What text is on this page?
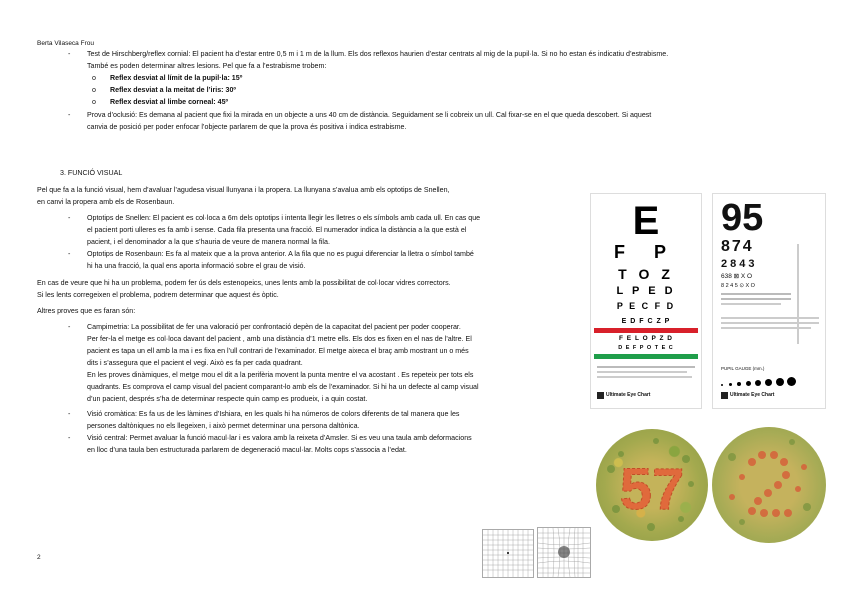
Berta Vilaseca Frou
- Test de Hirschberg/reflex cornial: El pacient ha d’estar entre 0,5 m i 1 m de la llum. Els dos reflexos haurien d’estar centrats al mig de la pupil·la. Si no ho estan és indicatiu d’estrabisme.
També es poden determinar altres lesions. Pel que fa a l’estrabisme trobem:
o Reflex desviat al límit de la pupil·la: 15º
o Reflex desviat a la meitat de l’iris: 30º
o Reflex desviat al limbe corneal: 45º
- Prova d’oclusió: Es demana al pacient que fixi la mirada en un objecte a uns 40 cm de distància. Seguidament se li cobreix un ull. Cal fixar-se en el que queda descobert. Si aquest
canvia de posició per poder enfocar l’objecte parlarem de que la prova és positiva i indica estrabisme.
3. FUNCIÓ VISUAL
Pel que fa a la funció visual, hem d’avaluar l’agudesa visual llunyana i la propera. La llunyana s’avalua amb els optotips de Snellen,
en canvi la propera amb els de Rosenbaun.
- Optotips de Snellen: El pacient es col·loca a 6m dels optotips i intenta llegir les lletres o els símbols amb cada ull. En cas que
el pacient porti ulleres es fa amb i sense. Cada fila presenta una fracció. El numerador indica la distància a la que està el
pacient, i el denominador a la que s’hauria de veure de manera normal la fila.
- Optotips de Rosenbaun: Es fa al mateix que a la prova anterior. A la fila que no es pugui diferenciar la lletra o símbol també
hi ha una fracció, la qual ens aporta informació sobre el grau de visió.
En cas de veure que hi ha un problema, podem fer ús dels estenopeics, unes lents amb la possibilitat de col·locar vidres correctors.
Si les lents corregeixen el problema, podrem determinar que aquest és òptic.
Altres proves que es faran són:
- Campimetria: La possibilitat de fer una valoració per confrontació depèn de la capacitat del pacient per poder cooperar.
Per fer-la el metge es col·loca davant del pacient , amb una distància d’1 metre ells. Els dos es fixen en el nas de l’altre. El
pacient es tapa un ell amb la ma i es fixa en l’ull contrari de l’examinador. El metge aixeca el braç amb mostrant un o més
dits i s’assegura que el pacient el vegi. Això es fa per cada quadrant.
En les proves dinàmiques, el metge mou el dit a la perifèria movent la punta mentre el va acostant . Es repeteix per tots els
quadrants. Es comprova el camp visual del pacient comparant-lo amb els de l’examinador. Si hi ha un defecte al camp visual
d’un pacient, després s’ha de determinar respecte quin camp es produeix, i a quin costat.
- Visió cromàtica: Es fa us de les làmines d’Ishiara, en les quals hi ha números de colors diferents de tal manera que les
persones daltòniques no els llegeixen, i això permet determinar una persona daltònica.
- Visió central: Permet avaluar la funció macul·lar i es valora amb la reixeta d’Amsler. Si es veu una taula amb deformacions
en lloc d’una taula ben estructurada parlarem de degeneració macul·lar. Molts cops s’associa a l’edat.
2
E
F P
T O Z
L P E D
P E C F D
E D F C Z P
F E L O P Z D
D E F P O T E C
Ultimate Eye Chart
95
874
2843
638 ⊠ X O
8 2 4 5 ⊙ X O
PUPIL GAUGE (mm.)
Ultimate Eye Chart
57
